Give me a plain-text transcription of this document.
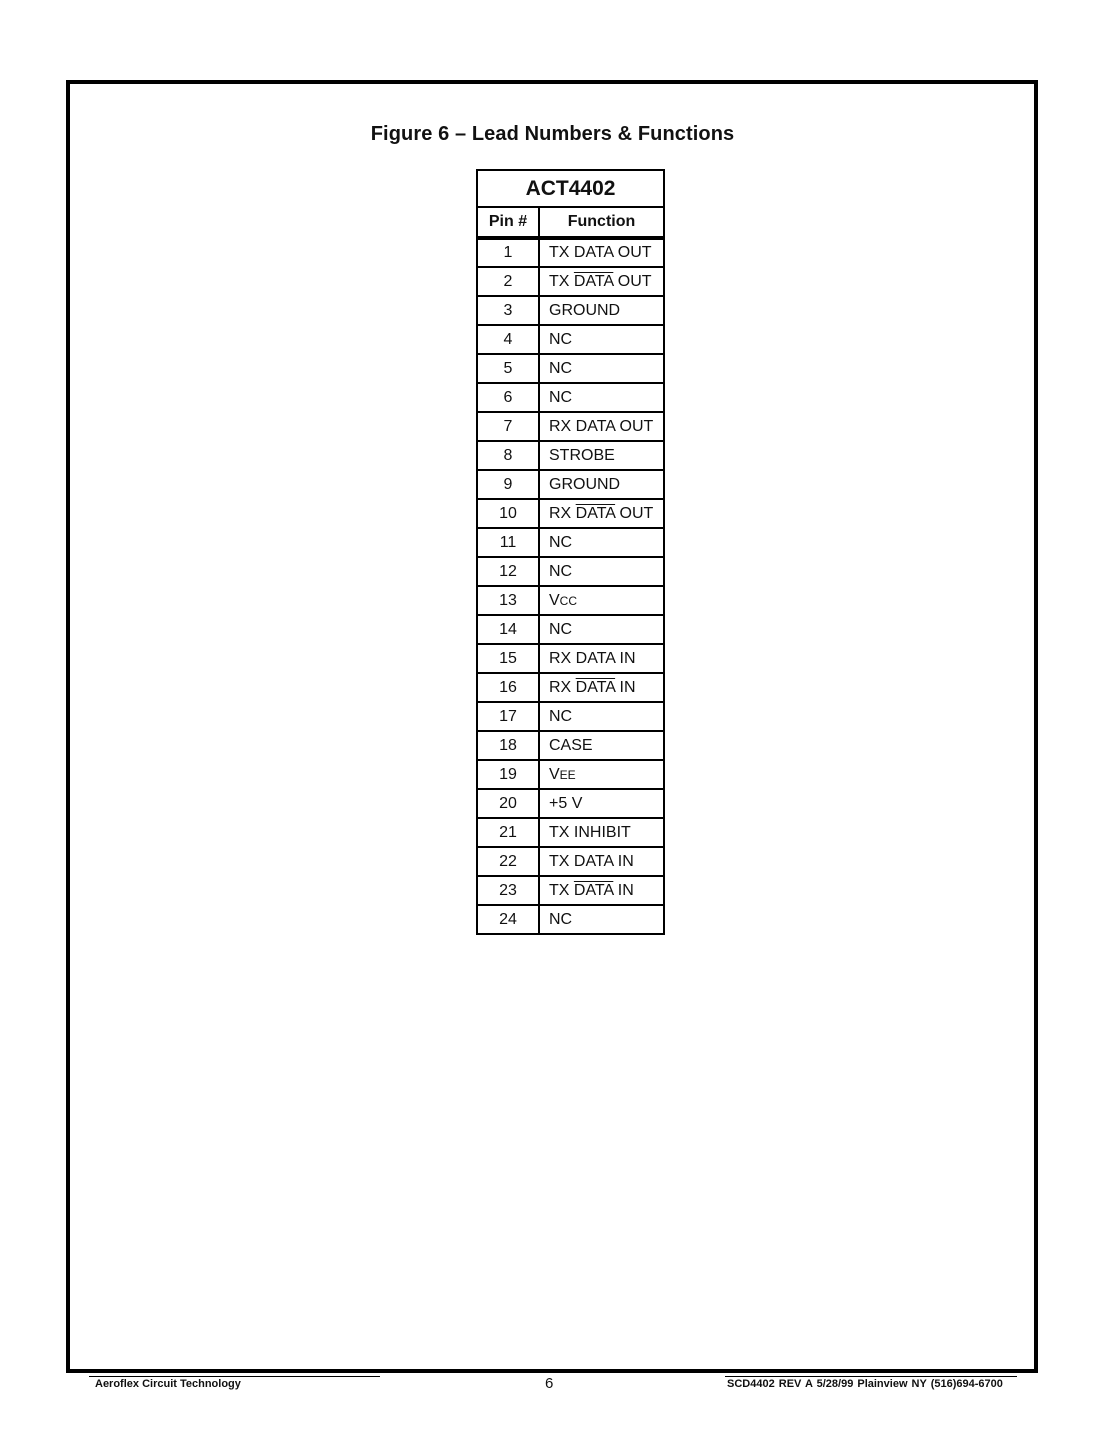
Figure 6 – Lead Numbers & Functions
ACT4402	
Pin #	Function
1	TX DATA OUT
2	TX DATA OUT
3	GROUND
4	NC
5	NC
6	NC
7	RX DATA OUT
8	STROBE
9	GROUND
10	RX DATA OUT
11	NC
12	NC
13	VCC
14	NC
15	RX DATA IN
16	RX DATA IN
17	NC
18	CASE
19	VEE
20	+5 V
21	TX INHIBIT
22	TX DATA IN
23	TX DATA IN
24	NC
Aeroflex Circuit Technology	6	SCD4402 REV A 5/28/99 Plainview NY (516)694-6700
